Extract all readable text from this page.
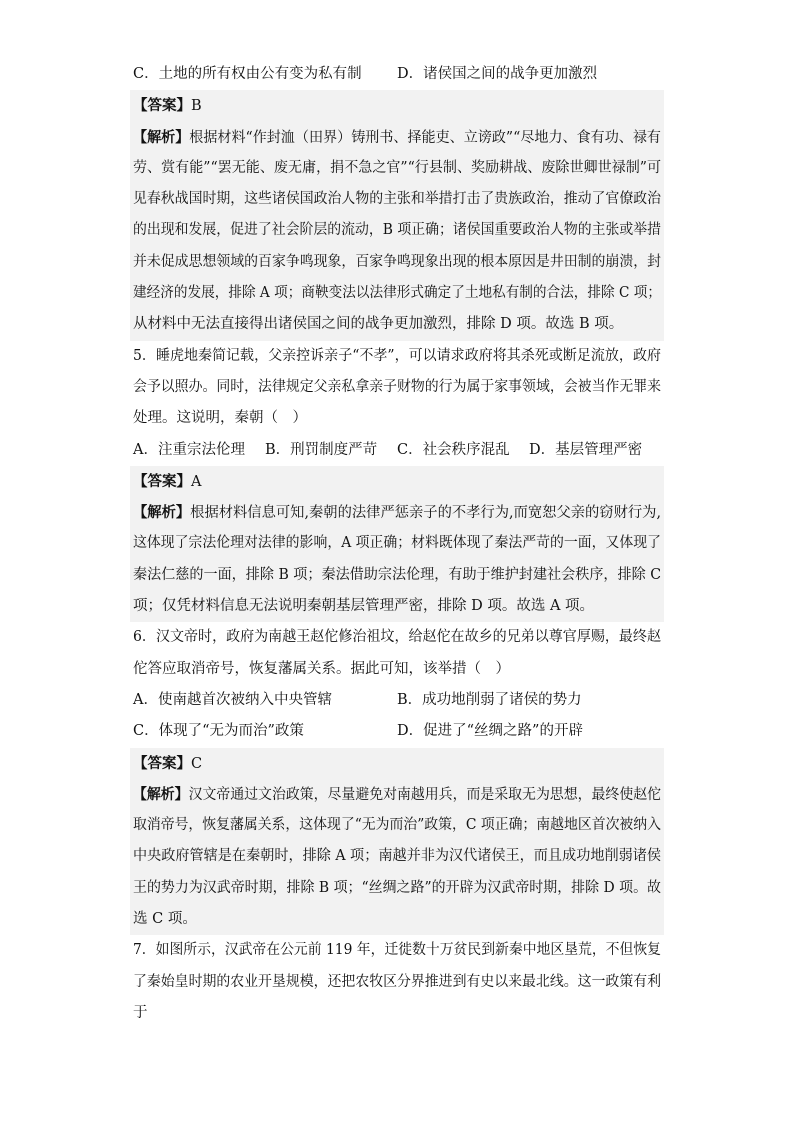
C．土地的所有权由公有变为私有制	D．诸侯国之间的战争更加激烈
【答案】B
【解析】根据材料“作封洫（田界）铸刑书、择能吏、立谤政”“尽地力、食有功、禄有
劳、赏有能”“罢无能、废无庸，捐不急之官”“行县制、奖励耕战、废除世卿世禄制”可
见春秋战国时期，这些诸侯国政治人物的主张和举措打击了贵族政治，推动了官僚政治
的出现和发展，促进了社会阶层的流动，B 项正确；诸侯国重要政治人物的主张或举措
并未促成思想领域的百家争鸣现象，百家争鸣现象出现的根本原因是井田制的崩溃，封
建经济的发展，排除 A 项；商鞅变法以法律形式确定了土地私有制的合法，排除 C 项；
从材料中无法直接得出诸侯国之间的战争更加激烈，排除 D 项。故选 B 项。
5．睡虎地秦简记载，父亲控诉亲子“不孝”，可以请求政府将其杀死或断足流放，政府
会予以照办。同时，法律规定父亲私拿亲子财物的行为属于家事领域，会被当作无罪来
处理。这说明，秦朝（　）
A．注重宗法伦理	B．刑罚制度严苛	C．社会秩序混乱	D．基层管理严密
【答案】A
【解析】根据材料信息可知,秦朝的法律严惩亲子的不孝行为,而宽恕父亲的窃财行为,
这体现了宗法伦理对法律的影响，A 项正确；材料既体现了秦法严苛的一面，又体现了
秦法仁慈的一面，排除 B 项；秦法借助宗法伦理，有助于维护封建社会秩序，排除 C
项；仅凭材料信息无法说明秦朝基层管理严密，排除 D 项。故选 A 项。
6．汉文帝时，政府为南越王赵佗修治祖坟，给赵佗在故乡的兄弟以尊官厚赐，最终赵
佗答应取消帝号，恢复藩属关系。据此可知，该举措（　）
A．使南越首次被纳入中央管辖	B．成功地削弱了诸侯的势力
C．体现了“无为而治”政策	D．促进了“丝绸之路”的开辟
【答案】C
【解析】汉文帝通过文治政策，尽量避免对南越用兵，而是采取无为思想，最终使赵佗
取消帝号，恢复藩属关系，这体现了“无为而治”政策，C 项正确；南越地区首次被纳入
中央政府管辖是在秦朝时，排除 A 项；南越并非为汉代诸侯王，而且成功地削弱诸侯
王的势力为汉武帝时期，排除 B 项；“丝绸之路”的开辟为汉武帝时期，排除 D 项。故
选 C 项。
7．如图所示，汉武帝在公元前 119 年，迁徙数十万贫民到新秦中地区垦荒，不但恢复
了秦始皇时期的农业开垦规模，还把农牧区分界推进到有史以来最北线。这一政策有利
于
